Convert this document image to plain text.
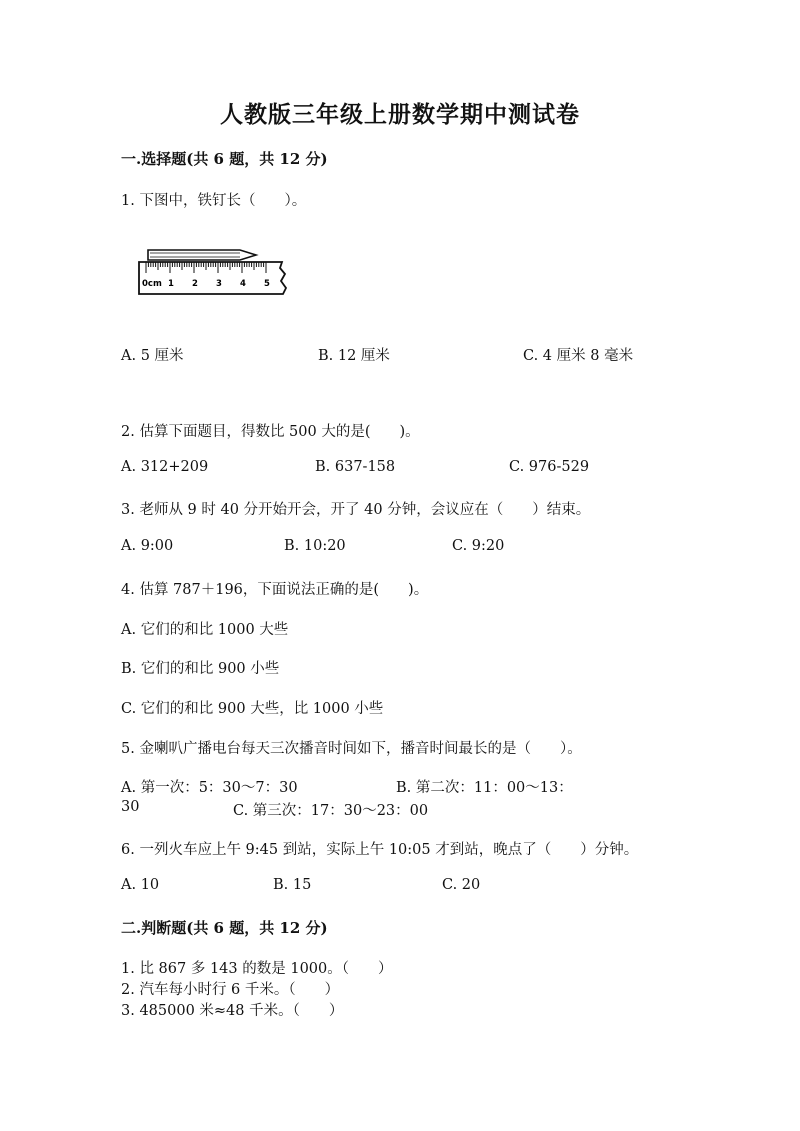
人教版三年级上册数学期中测试卷
一.选择题(共 6 题，共 12 分)
1. 下图中，铁钉长（　　）。
0cm 1 2 3 4 5
A. 5 厘米	B. 12 厘米	C. 4 厘米 8 毫米
2. 估算下面题目，得数比 500 大的是(　　)。
A. 312+209	B. 637-158	C. 976-529
3. 老师从 9 时 40 分开始开会，开了 40 分钟，会议应在（　　）结束。
A. 9:00	B. 10:20	C. 9:20
4. 估算 787＋196，下面说法正确的是(　　)。
A. 它们的和比 1000 大些
B. 它们的和比 900 小些
C. 它们的和比 900 大些，比 1000 小些
5. 金喇叭广播电台每天三次播音时间如下，播音时间最长的是（　　）。
A. 第一次：5：30～7：30	B. 第二次：11：00～13：
30	C. 第三次：17：30～23：00
6. 一列火车应上午 9:45 到站，实际上午 10:05 才到站，晚点了（　　）分钟。
A. 10	B. 15	C. 20
二.判断题(共 6 题，共 12 分)
1. 比 867 多 143 的数是 1000。（　　）
2. 汽车每小时行 6 千米。（　　）
3. 485000 米≈48 千米。（　　）
